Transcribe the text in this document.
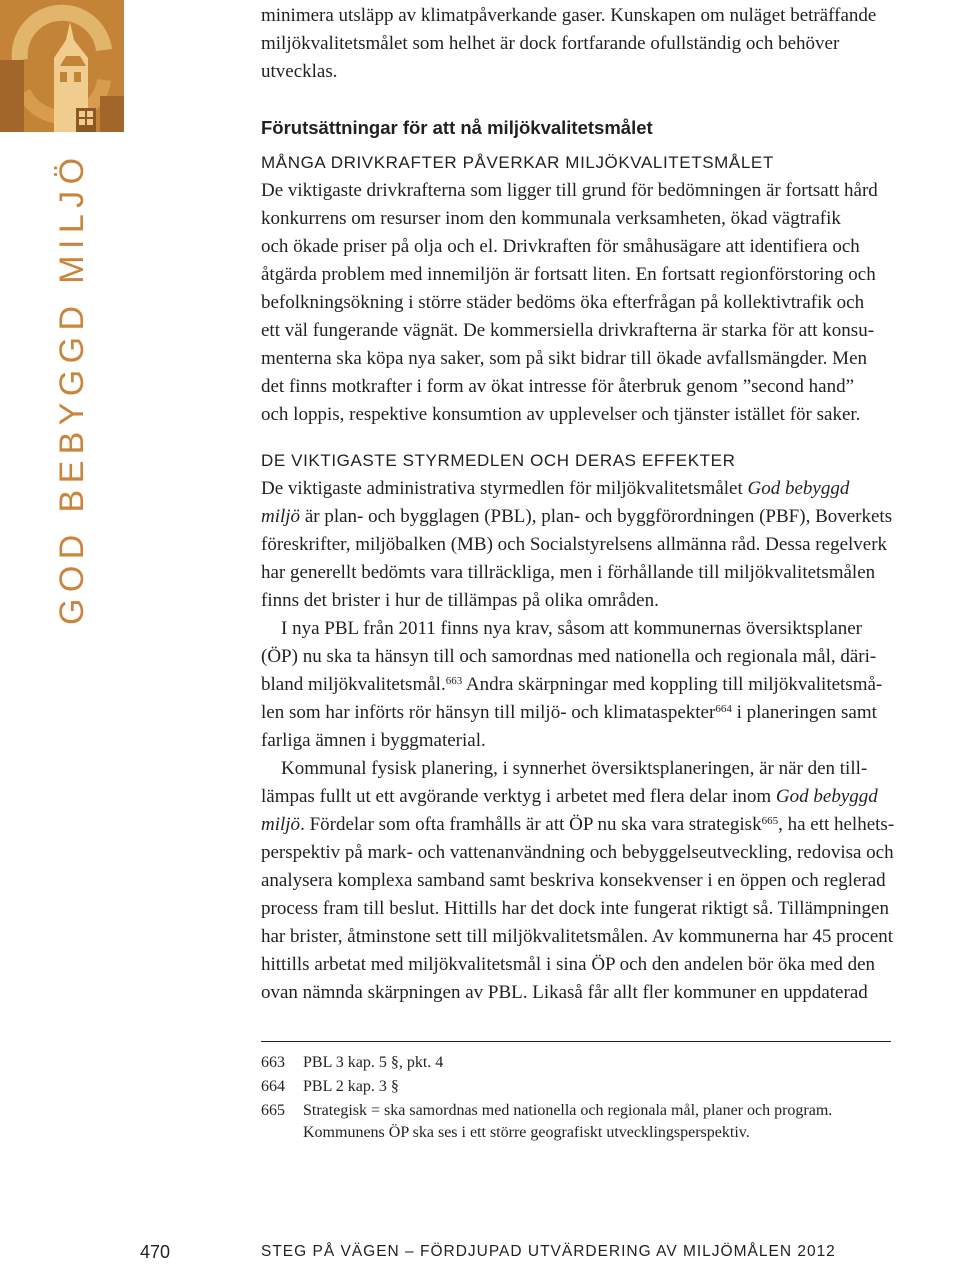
GOD BEBYGGD MILJÖ
minimera utsläpp av klimatpåverkande gaser. Kunskapen om nuläget beträffande
miljökvalitetsmålet som helhet är dock fortfarande ofullständig och behöver
utvecklas.
Förutsättningar för att nå miljökvalitetsmålet
MÅNGA DRIVKRAFTER PÅVERKAR MILJÖKVALITETSMÅLET
De viktigaste drivkrafterna som ligger till grund för bedömningen är fortsatt hård
konkurrens om resurser inom den kommunala verksamheten, ökad vägtrafik
och ökade priser på olja och el. Drivkraften för småhusägare att identifiera och
åtgärda problem med innemiljön är fortsatt liten. En fortsatt regionförstoring och
befolkningsökning i större städer bedöms öka efterfrågan på kollektivtrafik och
ett väl fungerande vägnät. De kommersiella drivkrafterna är starka för att konsu-
menterna ska köpa nya saker, som på sikt bidrar till ökade avfallsmängder. Men
det finns motkrafter i form av ökat intresse för återbruk genom ”second hand”
och loppis, respektive konsumtion av upplevelser och tjänster istället för saker.
DE VIKTIGASTE STYRMEDLEN OCH DERAS EFFEKTER
De viktigaste administrativa styrmedlen för miljökvalitetsmålet God bebyggd
miljö är plan- och bygglagen (PBL), plan- och byggförordningen (PBF), Boverkets
föreskrifter, miljöbalken (MB) och Socialstyrelsens allmänna råd. Dessa regelverk
har generellt bedömts vara tillräckliga, men i förhållande till miljökvalitetsmålen
finns det brister i hur de tillämpas på olika områden.
I nya PBL från 2011 finns nya krav, såsom att kommunernas översiktsplaner
(ÖP) nu ska ta hänsyn till och samordnas med nationella och regionala mål, däri-
bland miljökvalitetsmål.$^{663}$ Andra skärpningar med koppling till miljökvalitetsmå-
len som har införts rör hänsyn till miljö- och klimataspekter$^{664}$ i planeringen samt
farliga ämnen i byggmaterial.
Kommunal fysisk planering, i synnerhet översiktsplaneringen, är när den till-
lämpas fullt ut ett avgörande verktyg i arbetet med flera delar inom God bebyggd
miljö. Fördelar som ofta framhålls är att ÖP nu ska vara strategisk$^{665}$, ha ett helhets-
perspektiv på mark- och vattenanvändning och bebyggelseutveckling, redovisa och
analysera komplexa samband samt beskriva konsekvenser i en öppen och reglerad
process fram till beslut. Hittills har det dock inte fungerat riktigt så. Tillämpningen
har brister, åtminstone sett till miljökvalitetsmålen. Av kommunerna har 45 procent
hittills arbetat med miljökvalitetsmål i sina ÖP och den andelen bör öka med den
ovan nämnda skärpningen av PBL. Likaså får allt fler kommuner en uppdaterad
663	PBL 3 kap. 5 §, pkt. 4
664	PBL 2 kap. 3 §
665	Strategisk = ska samordnas med nationella och regionala mål, planer och program.
Kommunens ÖP ska ses i ett större geografiskt utvecklingsperspektiv.
470	STEG PÅ VÄGEN – FÖRDJUPAD UTVÄRDERING AV MILJÖMÅLEN 2012
